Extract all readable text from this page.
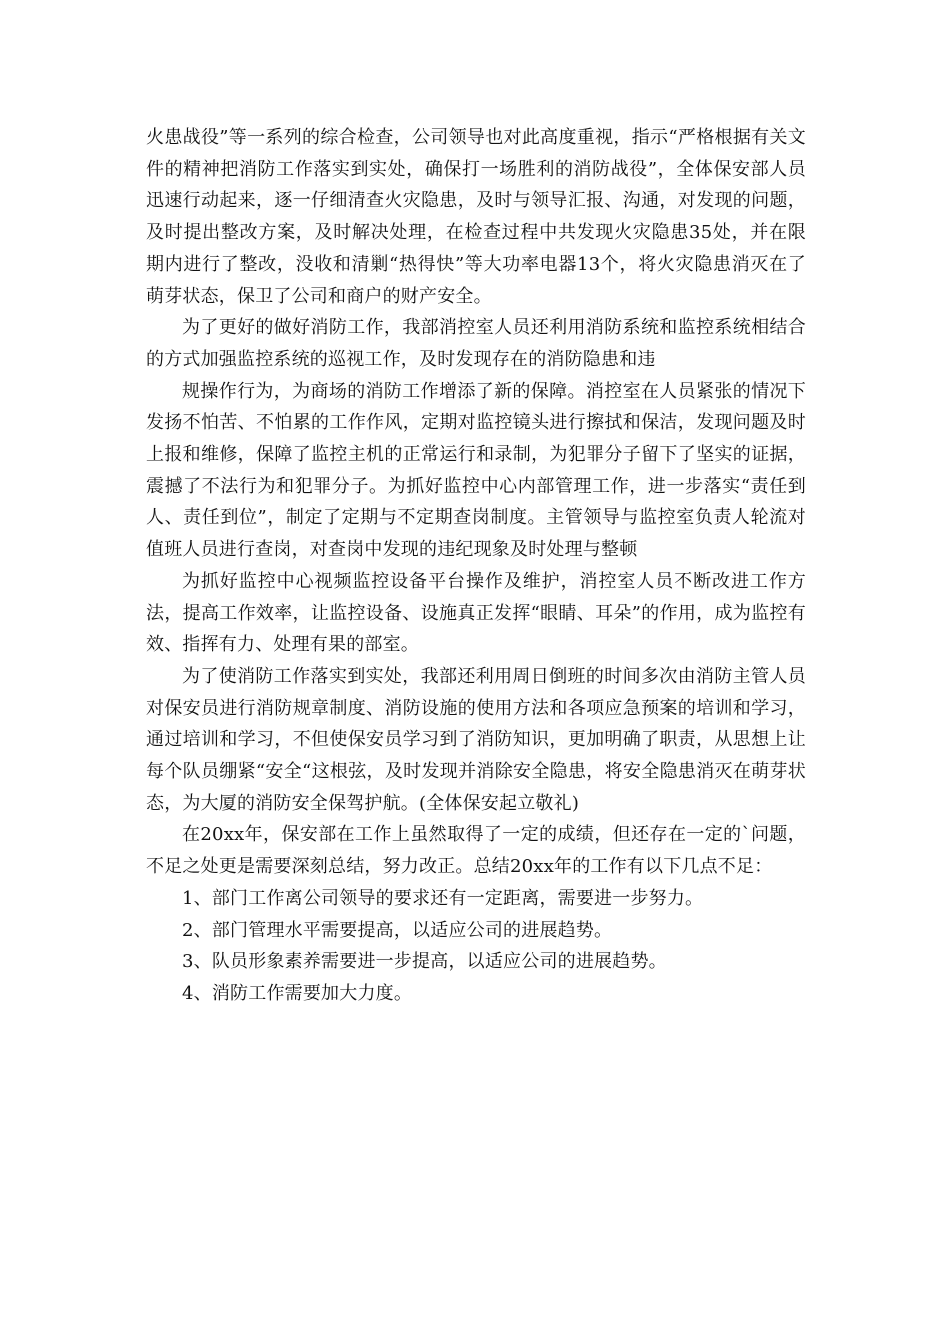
火患战役”等一系列的综合检查，公司领导也对此高度重视，指示“严格根据有关文件的精神把消防工作落实到实处，确保打一场胜利的消防战役”，全体保安部人员迅速行动起来，逐一仔细清查火灾隐患，及时与领导汇报、沟通，对发现的问题，及时提出整改方案，及时解决处理，在检查过程中共发现火灾隐患35处，并在限期内进行了整改，没收和清剿“热得快”等大功率电器13个，将火灾隐患消灭在了萌芽状态，保卫了公司和商户的财产安全。

为了更好的做好消防工作，我部消控室人员还利用消防系统和监控系统相结合的方式加强监控系统的巡视工作，及时发现存在的消防隐患和违

规操作行为，为商场的消防工作增添了新的保障。消控室在人员紧张的情况下发扬不怕苦、不怕累的工作作风，定期对监控镜头进行擦拭和保洁，发现问题及时上报和维修，保障了监控主机的正常运行和录制，为犯罪分子留下了坚实的证据，震撼了不法行为和犯罪分子。为抓好监控中心内部管理工作，进一步落实“责任到人、责任到位”，制定了定期与不定期查岗制度。主管领导与监控室负责人轮流对值班人员进行查岗，对查岗中发现的违纪现象及时处理与整顿

为抓好监控中心视频监控设备平台操作及维护，消控室人员不断改进工作方法，提高工作效率，让监控设备、设施真正发挥“眼睛、耳朵”的作用，成为监控有效、指挥有力、处理有果的部室。

为了使消防工作落实到实处，我部还利用周日倒班的时间多次由消防主管人员对保安员进行消防规章制度、消防设施的使用方法和各项应急预案的培训和学习，通过培训和学习，不但使保安员学习到了消防知识，更加明确了职责，从思想上让每个队员绷紧“安全“这根弦，及时发现并消除安全隐患，将安全隐患消灭在萌芽状态，为大厦的消防安全保驾护航。(全体保安起立敬礼)

在20xx年，保安部在工作上虽然取得了一定的成绩，但还存在一定的`问题，不足之处更是需要深刻总结，努力改正。总结20xx年的工作有以下几点不足：

1、部门工作离公司领导的要求还有一定距离，需要进一步努力。

2、部门管理水平需要提高，以适应公司的进展趋势。

3、队员形象素养需要进一步提高，以适应公司的进展趋势。

4、消防工作需要加大力度。
